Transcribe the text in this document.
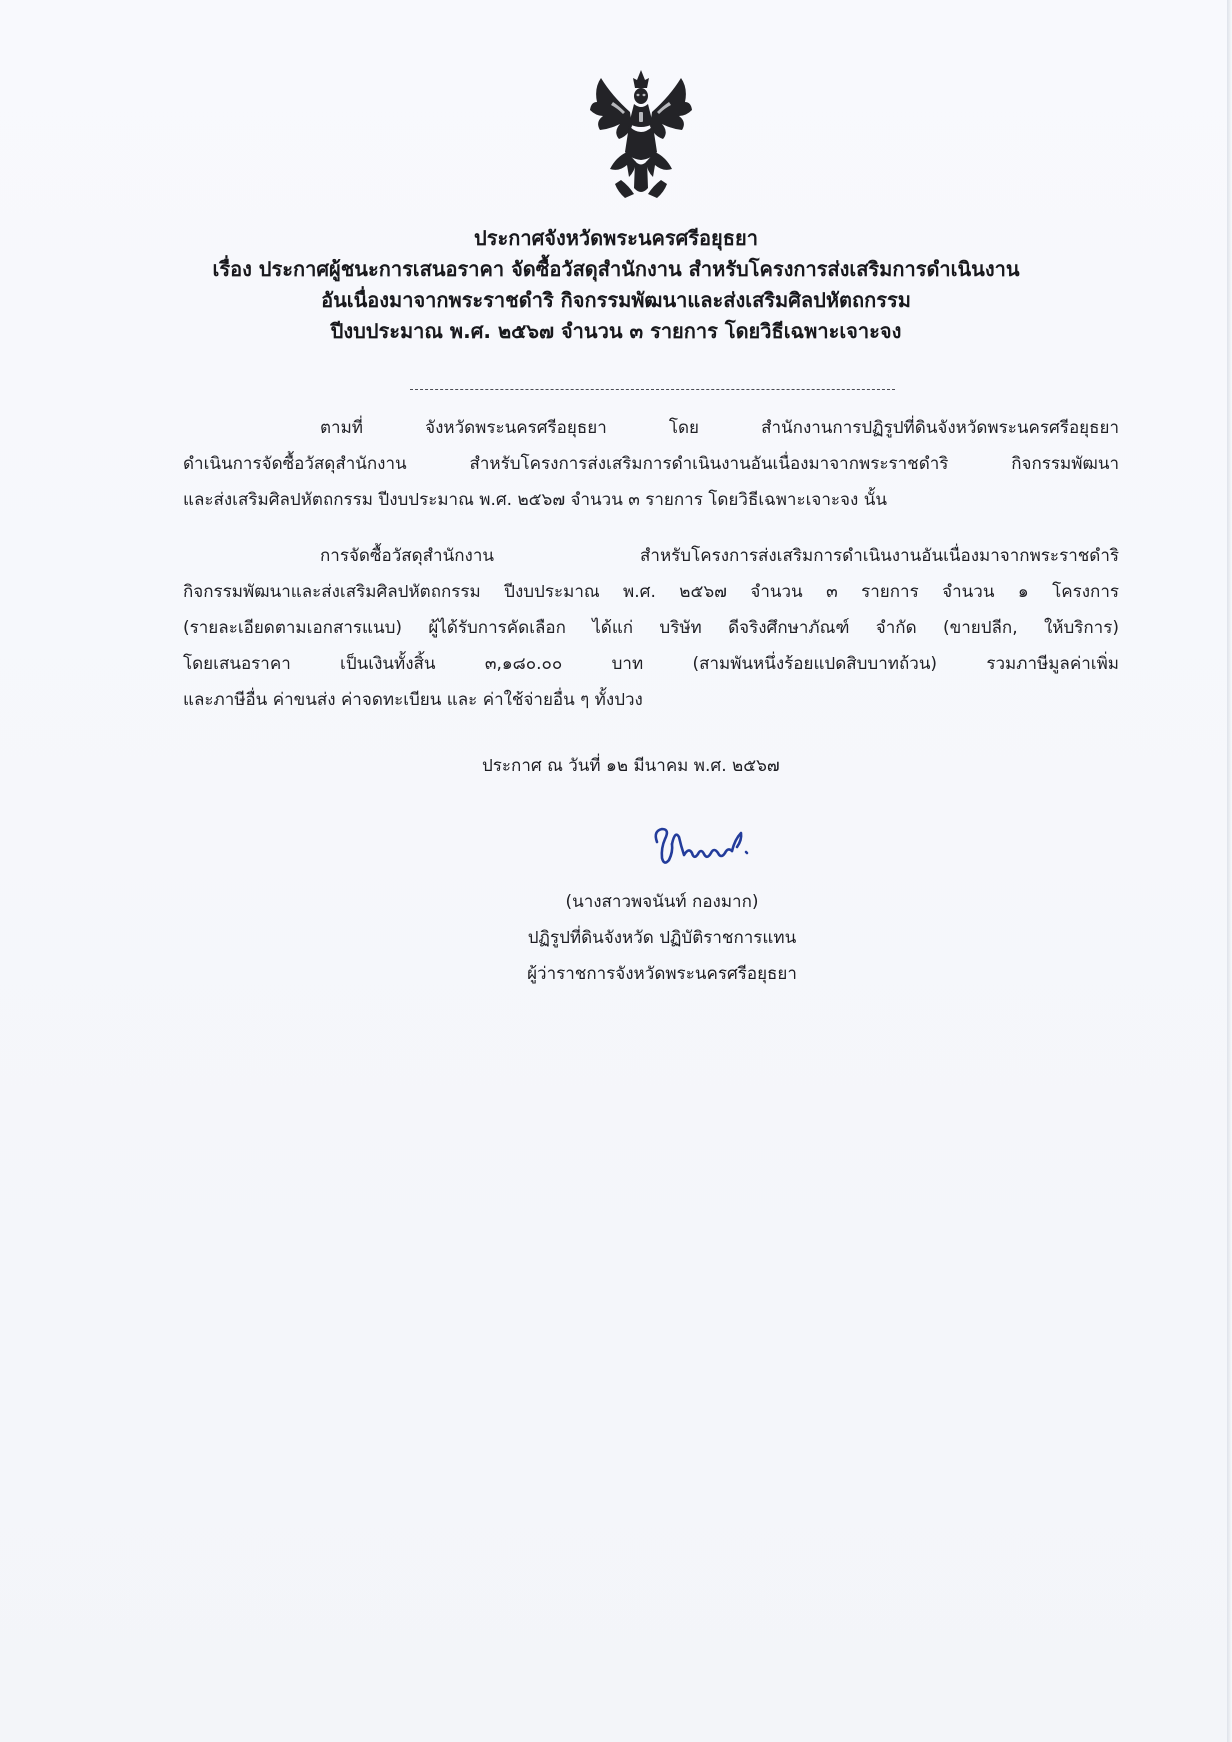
ประกาศจังหวัดพระนครศรีอยุธยา
เรื่อง ประกาศผู้ชนะการเสนอราคา จัดซื้อวัสดุสำนักงาน สำหรับโครงการส่งเสริมการดำเนินงาน
อันเนื่องมาจากพระราชดำริ กิจกรรมพัฒนาและส่งเสริมศิลปหัตถกรรม
ปีงบประมาณ พ.ศ. ๒๕๖๗ จำนวน ๓ รายการ โดยวิธีเฉพาะเจาะจง
ตามที่ จังหวัดพระนครศรีอยุธยา โดย สำนักงานการปฏิรูปที่ดินจังหวัดพระนครศรีอยุธยา
ดำเนินการจัดซื้อวัสดุสำนักงาน สำหรับโครงการส่งเสริมการดำเนินงานอันเนื่องมาจากพระราชดำริ กิจกรรมพัฒนา
และส่งเสริมศิลปหัตถกรรม ปีงบประมาณ พ.ศ. ๒๕๖๗ จำนวน ๓ รายการ โดยวิธีเฉพาะเจาะจง นั้น
การจัดซื้อวัสดุสำนักงาน สำหรับโครงการส่งเสริมการดำเนินงานอันเนื่องมาจากพระราชดำริ
กิจกรรมพัฒนาและส่งเสริมศิลปหัตถกรรม ปีงบประมาณ พ.ศ. ๒๕๖๗ จำนวน ๓ รายการ จำนวน ๑ โครงการ
(รายละเอียดตามเอกสารแนบ) ผู้ได้รับการคัดเลือก ได้แก่ บริษัท ดีจริงศึกษาภัณฑ์ จำกัด (ขายปลีก, ให้บริการ)
โดยเสนอราคา เป็นเงินทั้งสิ้น ๓,๑๘๐.๐๐ บาท (สามพันหนึ่งร้อยแปดสิบบาทถ้วน) รวมภาษีมูลค่าเพิ่ม
และภาษีอื่น ค่าขนส่ง ค่าจดทะเบียน และ ค่าใช้จ่ายอื่น ๆ ทั้งปวง
ประกาศ ณ วันที่ ๑๒ มีนาคม พ.ศ. ๒๕๖๗
(นางสาวพจนันท์ กองมาก)
ปฏิรูปที่ดินจังหวัด ปฏิบัติราชการแทน
ผู้ว่าราชการจังหวัดพระนครศรีอยุธยา
